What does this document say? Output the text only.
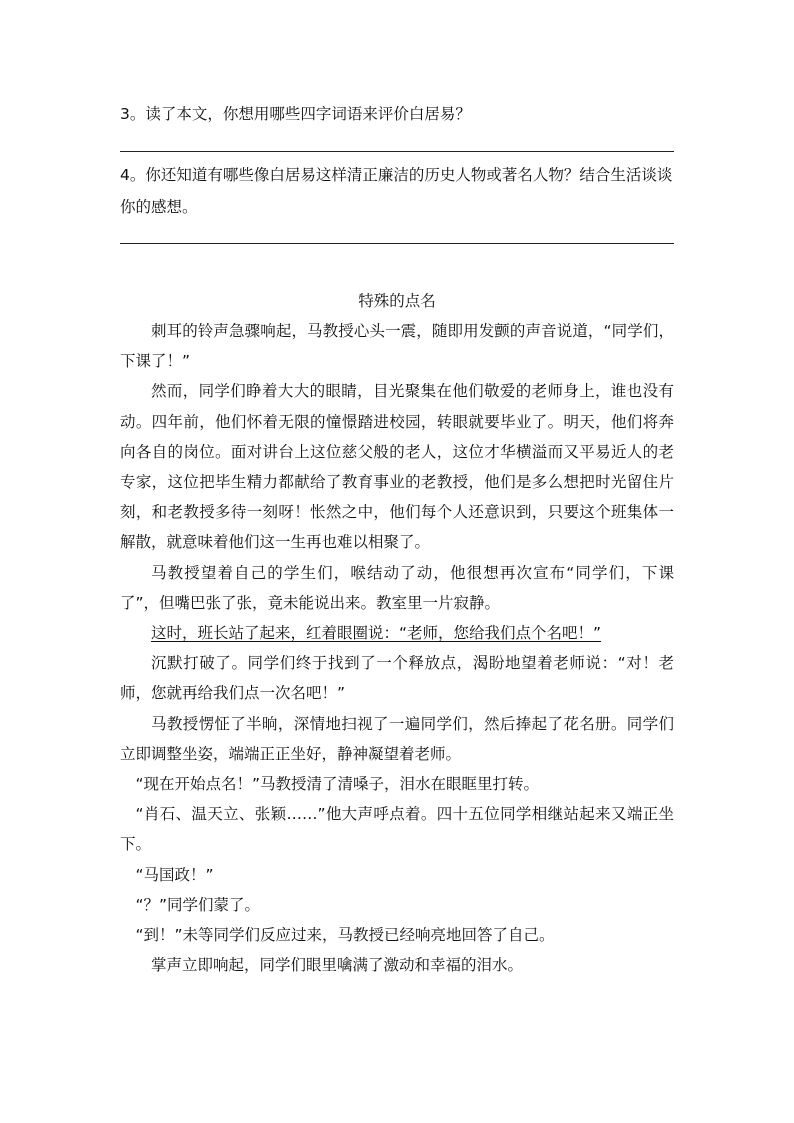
3。读了本文，你想用哪些四字词语来评价白居易？

4。你还知道有哪些像白居易这样清正廉洁的历史人物或著名人物？结合生活谈谈你的感想。

特殊的点名

刺耳的铃声急骤响起，马教授心头一震，随即用发颤的声音说道，“同学们，下课了！”

然而，同学们睁着大大的眼睛，目光聚集在他们敬爱的老师身上，谁也没有动。四年前，他们怀着无限的憧憬踏进校园，转眼就要毕业了。明天，他们将奔向各自的岗位。面对讲台上这位慈父般的老人，这位才华横溢而又平易近人的老专家，这位把毕生精力都献给了教育事业的老教授，他们是多么想把时光留住片刻，和老教授多待一刻呀！怅然之中，他们每个人还意识到，只要这个班集体一解散，就意味着他们这一生再也难以相聚了。

马教授望着自己的学生们，喉结动了动，他很想再次宣布“同学们，下课了”，但嘴巴张了张，竟未能说出来。教室里一片寂静。

这时，班长站了起来，红着眼圈说：“老师，您给我们点个名吧！”

沉默打破了。同学们终于找到了一个释放点，渴盼地望着老师说：“对！老师，您就再给我们点一次名吧！”

马教授愣怔了半晌，深情地扫视了一遍同学们，然后捧起了花名册。同学们立即调整坐姿，端端正正坐好，静神凝望着老师。

“现在开始点名！”马教授清了清嗓子，泪水在眼眶里打转。

“肖石、温天立、张颖……”他大声呼点着。四十五位同学相继站起来又端正坐下。

“马国政！”

“？”同学们蒙了。

“到！”未等同学们反应过来，马教授已经响亮地回答了自己。

掌声立即响起，同学们眼里噙满了激动和幸福的泪水。
